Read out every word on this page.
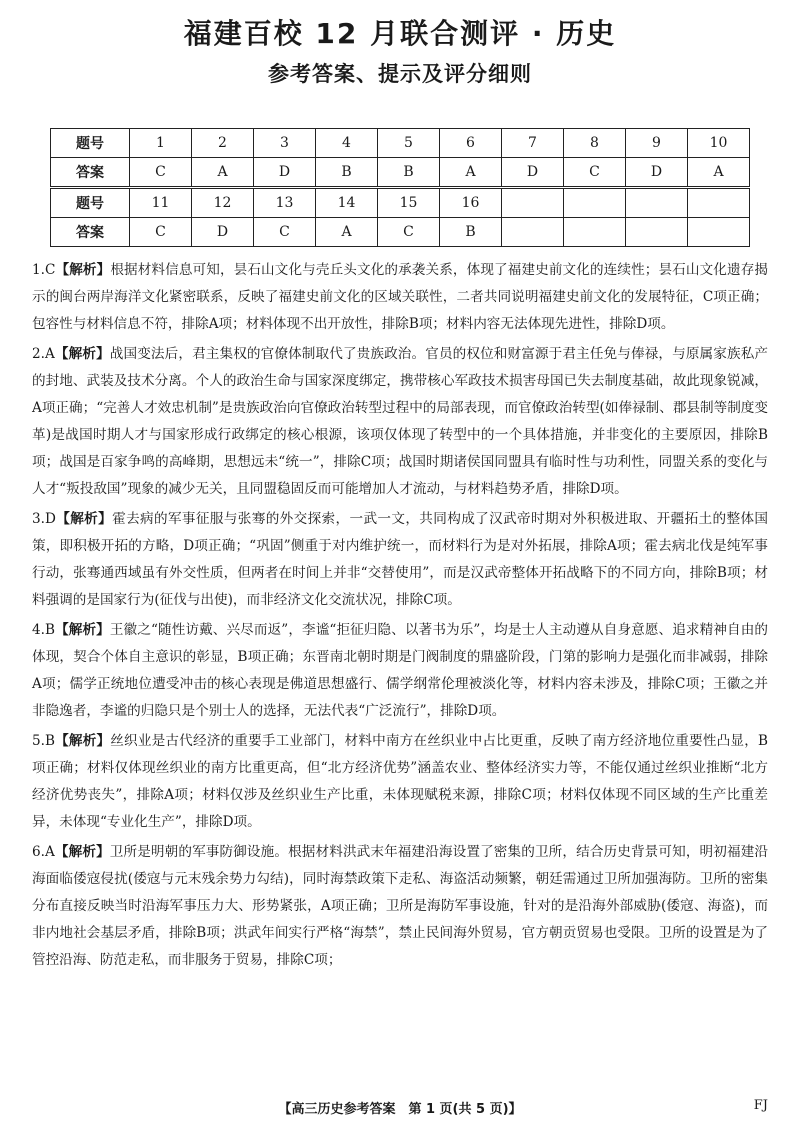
福建百校 12 月联合测评 · 历史
参考答案、提示及评分细则
题号	1	2	3	4	5	6	7	8	9	10
答案	C	A	D	B	B	A	D	C	D	A
题号	11	12	13	14	15	16				
答案	C	D	C	A	C	B				

1.C【解析】根据材料信息可知，昙石山文化与壳丘头文化的承袭关系，体现了福建史前文化的连续性；昙石山文化遗存揭示的闽台两岸海洋文化紧密联系，反映了福建史前文化的区域关联性，二者共同说明福建史前文化的发展特征，C项正确；包容性与材料信息不符，排除A项；材料体现不出开放性，排除B项；材料内容无法体现先进性，排除D项。

2.A【解析】战国变法后，君主集权的官僚体制取代了贵族政治。官员的权位和财富源于君主任免与俸禄，与原属家族私产的封地、武装及技术分离。个人的政治生命与国家深度绑定，携带核心军政技术损害母国已失去制度基础，故此现象锐减，A项正确；“完善人才效忠机制”是贵族政治向官僚政治转型过程中的局部表现，而官僚政治转型(如俸禄制、郡县制等制度变革)是战国时期人才与国家形成行政绑定的核心根源，该项仅体现了转型中的一个具体措施，并非变化的主要原因，排除B项；战国是百家争鸣的高峰期，思想远未“统一”，排除C项；战国时期诸侯国同盟具有临时性与功利性，同盟关系的变化与人才“叛投敌国”现象的减少无关，且同盟稳固反而可能增加人才流动，与材料趋势矛盾，排除D项。

3.D【解析】霍去病的军事征服与张骞的外交探索，一武一文，共同构成了汉武帝时期对外积极进取、开疆拓土的整体国策，即积极开拓的方略，D项正确；“巩固”侧重于对内维护统一，而材料行为是对外拓展，排除A项；霍去病北伐是纯军事行动，张骞通西域虽有外交性质，但两者在时间上并非“交替使用”，而是汉武帝整体开拓战略下的不同方向，排除B项；材料强调的是国家行为(征伐与出使)，而非经济文化交流状况，排除C项。

4.B【解析】王徽之“随性访戴、兴尽而返”，李谧“拒征归隐、以著书为乐”，均是士人主动遵从自身意愿、追求精神自由的体现，契合个体自主意识的彰显，B项正确；东晋南北朝时期是门阀制度的鼎盛阶段，门第的影响力是强化而非减弱，排除A项；儒学正统地位遭受冲击的核心表现是佛道思想盛行、儒学纲常伦理被淡化等，材料内容未涉及，排除C项；王徽之并非隐逸者，李谧的归隐只是个别士人的选择，无法代表“广泛流行”，排除D项。

5.B【解析】丝织业是古代经济的重要手工业部门，材料中南方在丝织业中占比更重，反映了南方经济地位重要性凸显，B项正确；材料仅体现丝织业的南方比重更高，但“北方经济优势”涵盖农业、整体经济实力等，不能仅通过丝织业推断“北方经济优势丧失”，排除A项；材料仅涉及丝织业生产比重，未体现赋税来源，排除C项；材料仅体现不同区域的生产比重差异，未体现“专业化生产”，排除D项。

6.A【解析】卫所是明朝的军事防御设施。根据材料洪武末年福建沿海设置了密集的卫所，结合历史背景可知，明初福建沿海面临倭寇侵扰(倭寇与元末残余势力勾结)，同时海禁政策下走私、海盗活动频繁，朝廷需通过卫所加强海防。卫所的密集分布直接反映当时沿海军事压力大、形势紧张，A项正确；卫所是海防军事设施，针对的是沿海外部威胁(倭寇、海盗)，而非内地社会基层矛盾，排除B项；洪武年间实行严格“海禁”，禁止民间海外贸易，官方朝贡贸易也受限。卫所的设置是为了管控沿海、防范走私，而非服务于贸易，排除C项；

【高三历史参考答案　第 1 页(共 5 页)】	FJ
